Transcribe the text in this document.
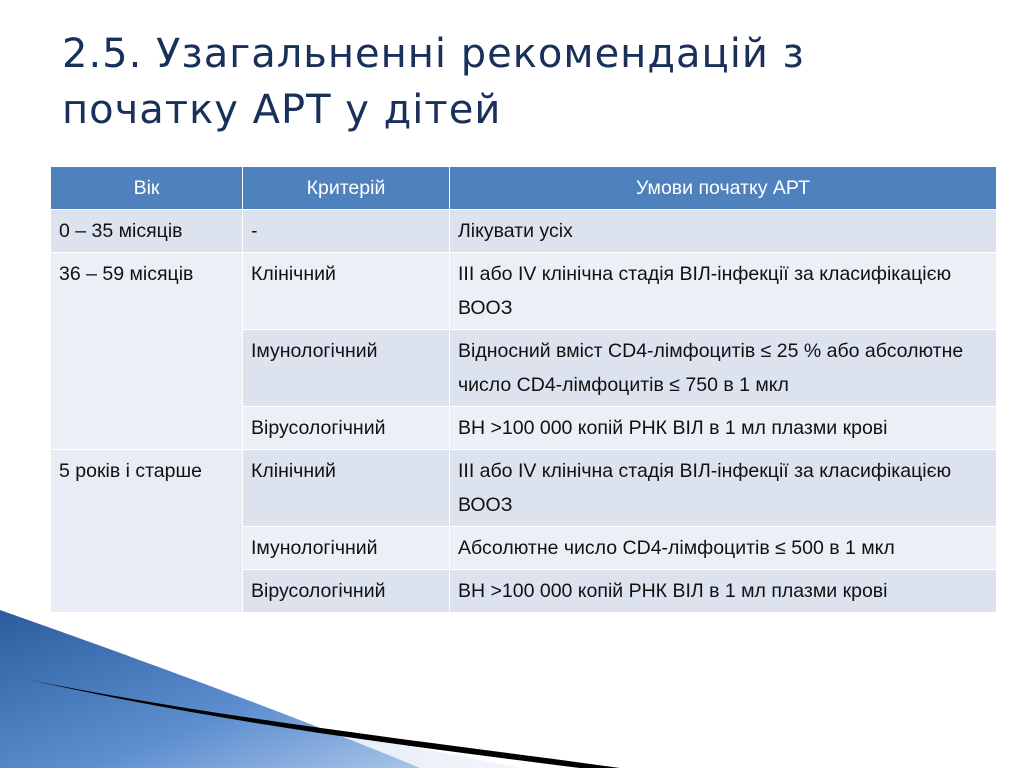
2.5. Узагальненні рекомендацій з
початку АРТ у дітей
Вік	Критерій	Умови початку АРТ
0 – 35 місяців	-	Лікувати усіх
36 – 59 місяців	Клінічний	III або IV клінічна стадія ВІЛ-інфекції за класифікацією ВООЗ
	Імунологічний	Відносний вміст CD4-лімфоцитів ≤ 25 % або абсолютне число CD4-лімфоцитів ≤ 750 в 1 мкл
	Вірусологічний	ВН >100 000 копій РНК ВІЛ в 1 мл плазми крові
5 років і старше	Клінічний	III або IV клінічна стадія ВІЛ-інфекції за класифікацією ВООЗ
	Імунологічний	Абсолютне число CD4-лімфоцитів ≤ 500 в 1 мкл
	Вірусологічний	ВН >100 000 копій РНК ВІЛ в 1 мл плазми крові
